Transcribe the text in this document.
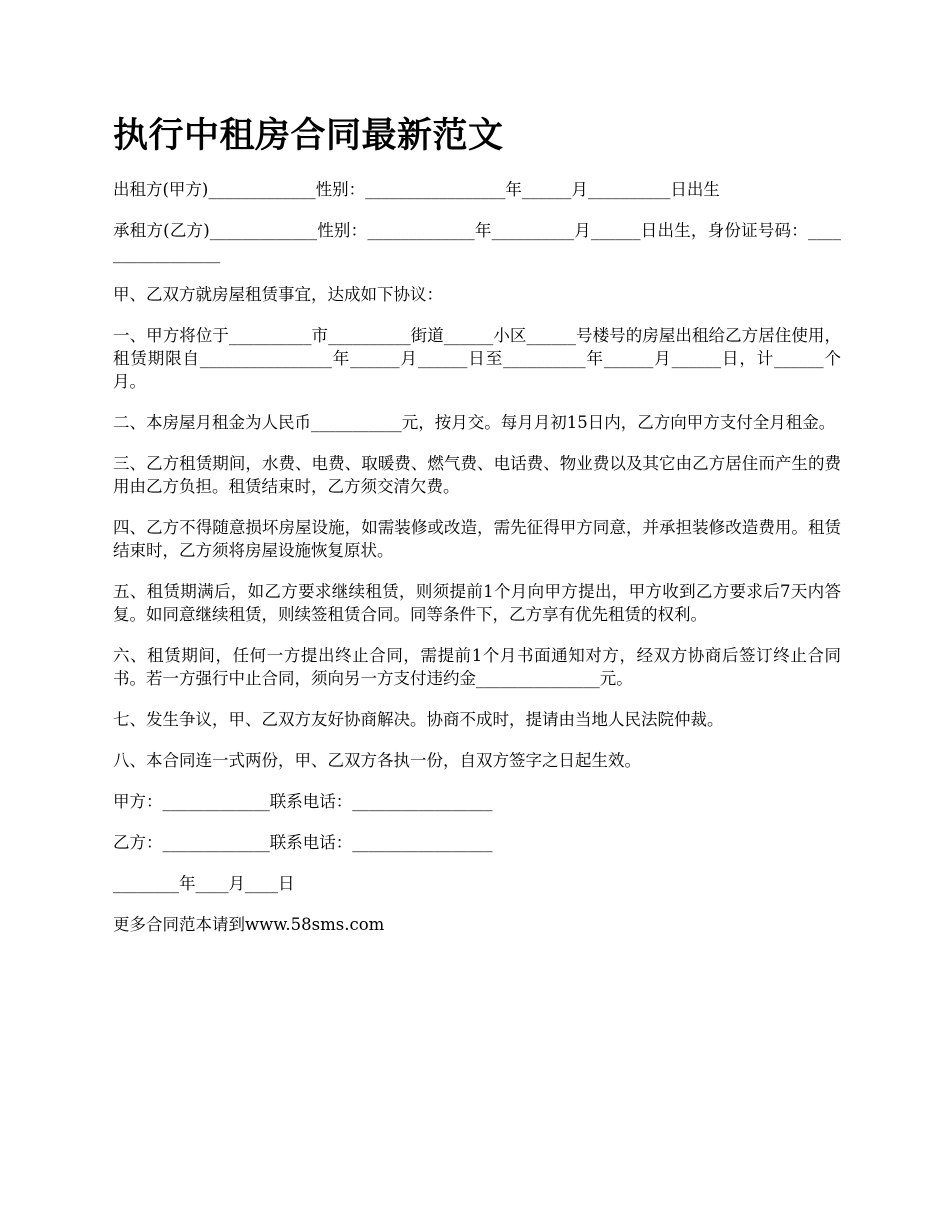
执行中租房合同最新范文

出租方(甲方)_____________性别：_________________年______月__________日出生

承租方(乙方)_____________性别：_____________年__________月______日出生，身份证号码：_________________

甲、乙双方就房屋租赁事宜，达成如下协议：

一、甲方将位于__________市__________街道______小区______号楼号的房屋出租给乙方居住使用，租赁期限自________________年______月______日至__________年______月______日，计______个月。

二、本房屋月租金为人民币___________元，按月交。每月月初15日内，乙方向甲方支付全月租金。

三、乙方租赁期间，水费、电费、取暖费、燃气费、电话费、物业费以及其它由乙方居住而产生的费用由乙方负担。租赁结束时，乙方须交清欠费。

四、乙方不得随意损坏房屋设施，如需装修或改造，需先征得甲方同意，并承担装修改造费用。租赁结束时，乙方须将房屋设施恢复原状。

五、租赁期满后，如乙方要求继续租赁，则须提前1个月向甲方提出，甲方收到乙方要求后7天内答复。如同意继续租赁，则续签租赁合同。同等条件下，乙方享有优先租赁的权利。

六、租赁期间，任何一方提出终止合同，需提前1个月书面通知对方，经双方协商后签订终止合同书。若一方强行中止合同，须向另一方支付违约金_______________元。

七、发生争议，甲、乙双方友好协商解决。协商不成时，提请由当地人民法院仲裁。

八、本合同连一式两份，甲、乙双方各执一份，自双方签字之日起生效。

甲方：_____________联系电话：_________________

乙方：_____________联系电话：_________________

________年____月____日

更多合同范本请到www.58sms.com
